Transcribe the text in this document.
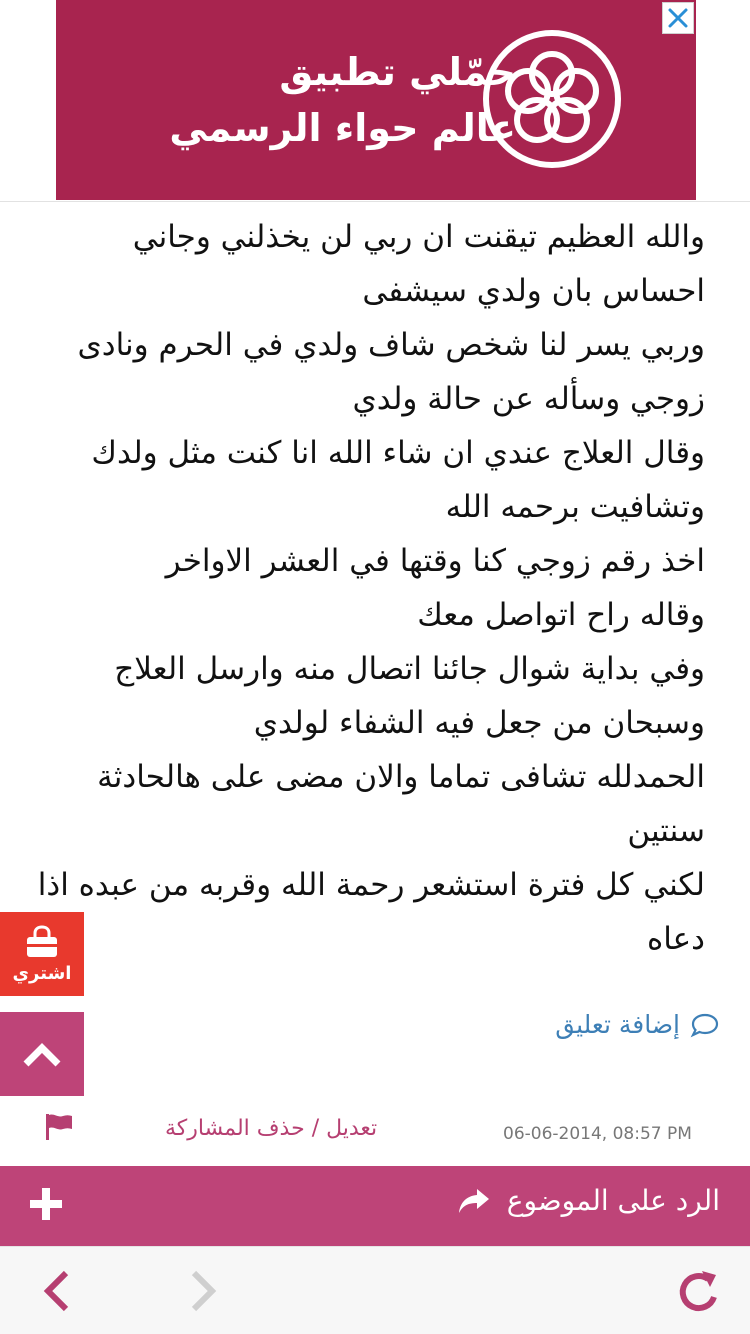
حمّلي تطبيق
عالم حواء الرسمي
والله العظيم تيقنت ان ربي لن يخذلني وجاني
احساس بان ولدي سيشفى
وربي يسر لنا شخص شاف ولدي في الحرم ونادى
زوجي وسأله عن حالة ولدي
وقال العلاج عندي ان شاء الله انا كنت مثل ولدك
وتشافيت برحمه الله
اخذ رقم زوجي كنا وقتها في العشر الاواخر
وقاله راح اتواصل معك
وفي بداية شوال جائنا اتصال منه وارسل العلاج
وسبحان من جعل فيه الشفاء لولدي
الحمدلله تشافى تماما والان مضى على هالحادثة
سنتين
لكني كل فترة استشعر رحمة الله وقربه من عبده اذا
دعاه
إضافة تعليق
اشتري
06-06-2014, 08:57 PM
تعديل / حذف المشاركة
الرد على الموضوع
